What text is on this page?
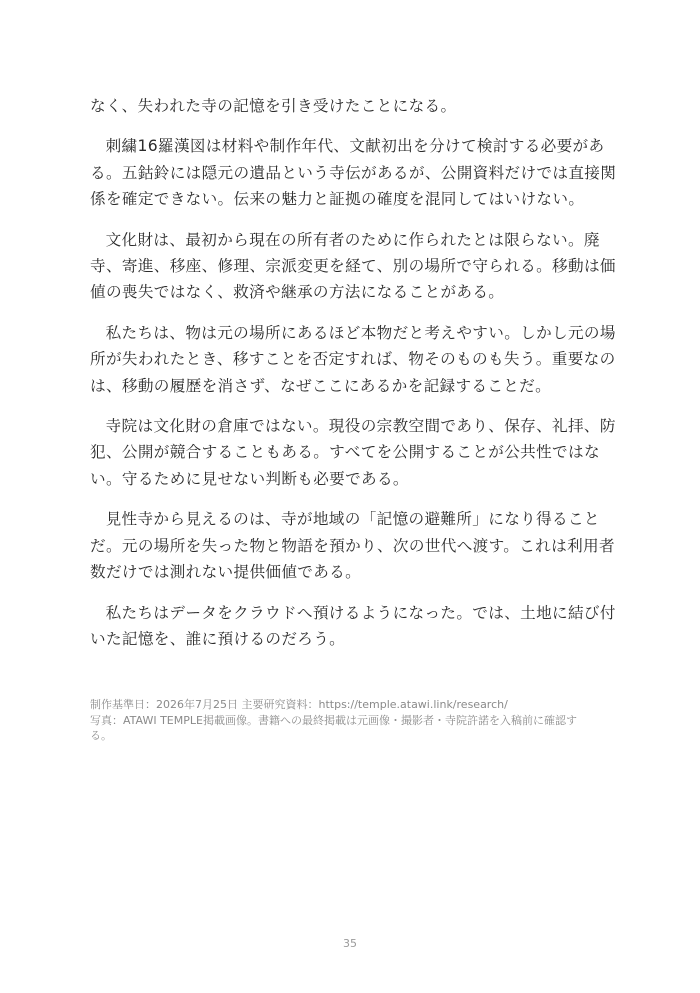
なく、失われた寺の記憶を引き受けたことになる。

刺繍16羅漢図は材料や制作年代、文献初出を分けて検討する必要がある。五鈷鈴には隠元の遺品という寺伝があるが、公開資料だけでは直接関係を確定できない。伝来の魅力と証拠の確度を混同してはいけない。

文化財は、最初から現在の所有者のために作られたとは限らない。廃寺、寄進、移座、修理、宗派変更を経て、別の場所で守られる。移動は価値の喪失ではなく、救済や継承の方法になることがある。

私たちは、物は元の場所にあるほど本物だと考えやすい。しかし元の場所が失われたとき、移すことを否定すれば、物そのものも失う。重要なのは、移動の履歴を消さず、なぜここにあるかを記録することだ。

寺院は文化財の倉庫ではない。現役の宗教空間であり、保存、礼拝、防犯、公開が競合することもある。すべてを公開することが公共性ではない。守るために見せない判断も必要である。

見性寺から見えるのは、寺が地域の「記憶の避難所」になり得ることだ。元の場所を失った物と物語を預かり、次の世代へ渡す。これは利用者数だけでは測れない提供価値である。

私たちはデータをクラウドへ預けるようになった。では、土地に結び付いた記憶を、誰に預けるのだろう。

制作基準日：2026年7月25日 主要研究資料：https://temple.atawi.link/research/
写真：ATAWI TEMPLE掲載画像。書籍への最終掲載は元画像・撮影者・寺院許諾を入稿前に確認する。
35
